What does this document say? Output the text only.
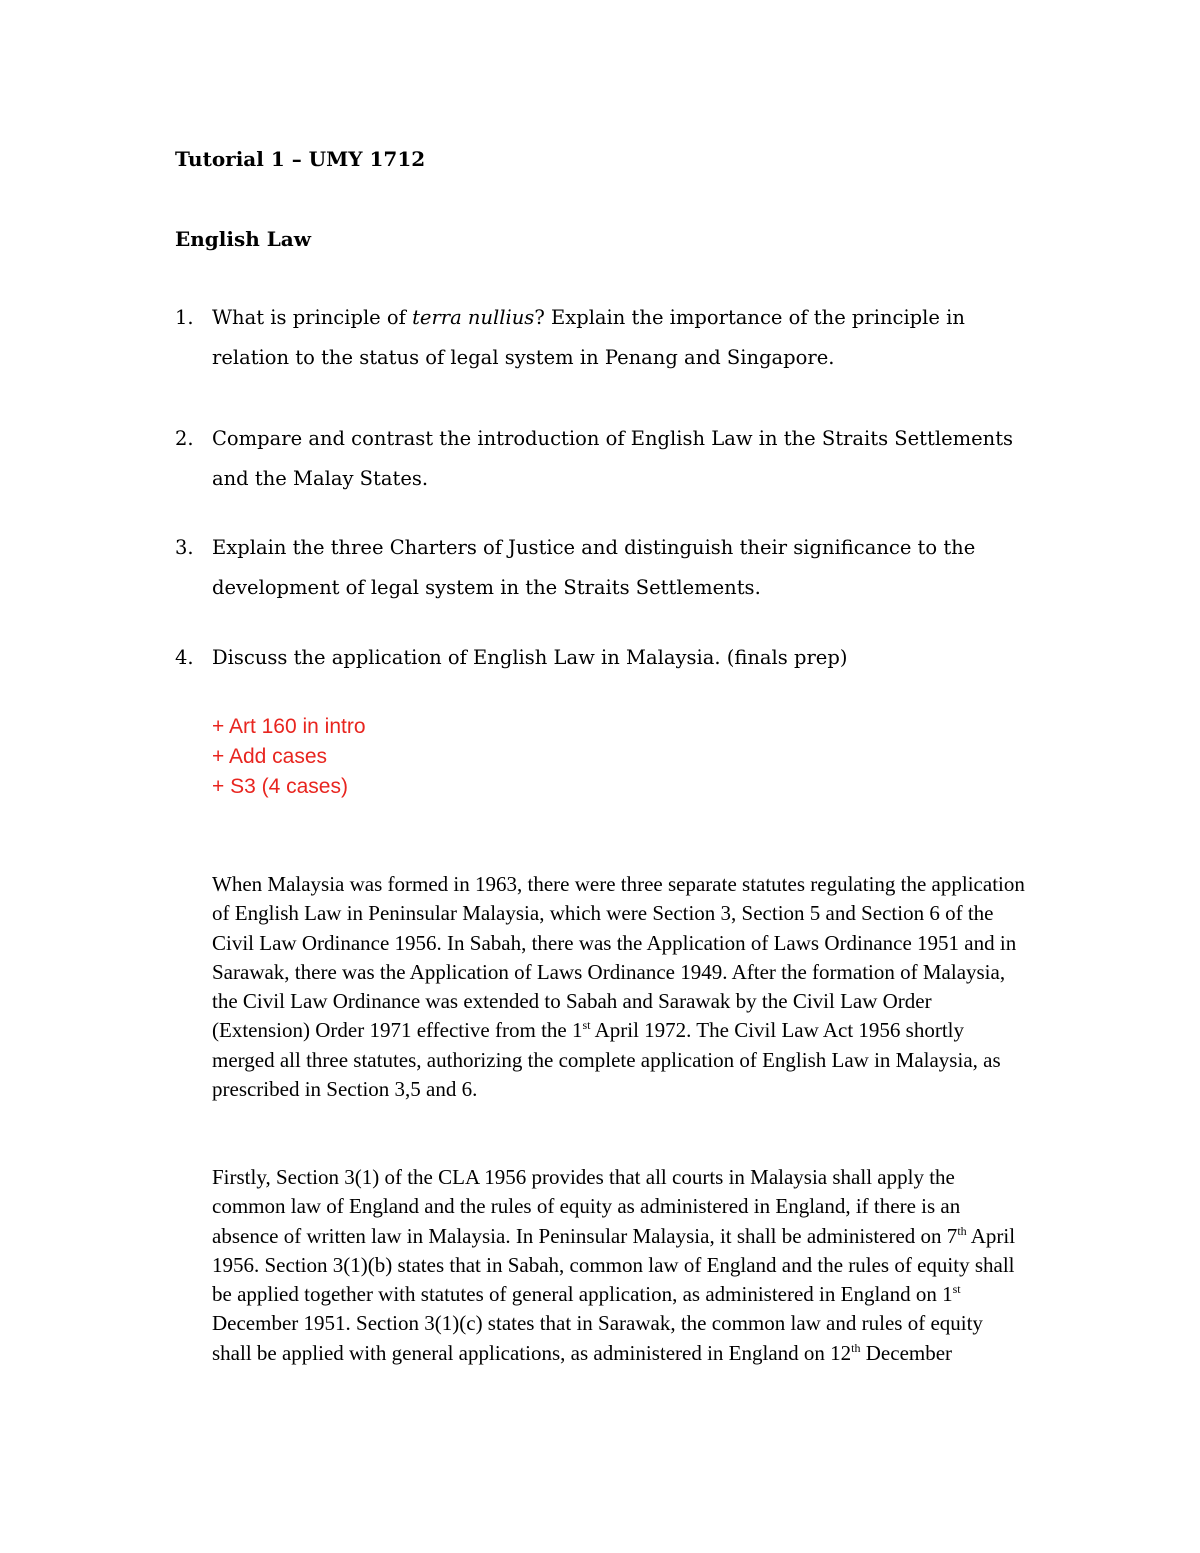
Tutorial 1 – UMY 1712
English Law
1. What is principle of terra nullius? Explain the importance of the principle in relation to the status of legal system in Penang and Singapore.
2. Compare and contrast the introduction of English Law in the Straits Settlements and the Malay States.
3. Explain the three Charters of Justice and distinguish their significance to the development of legal system in the Straits Settlements.
4. Discuss the application of English Law in Malaysia. (finals prep)
+ Art 160 in intro
+ Add cases
+ S3 (4 cases)

When Malaysia was formed in 1963, there were three separate statutes regulating the application of English Law in Peninsular Malaysia, which were Section 3, Section 5 and Section 6 of the Civil Law Ordinance 1956. In Sabah, there was the Application of Laws Ordinance 1951 and in Sarawak, there was the Application of Laws Ordinance 1949. After the formation of Malaysia, the Civil Law Ordinance was extended to Sabah and Sarawak by the Civil Law Order (Extension) Order 1971 effective from the 1st April 1972. The Civil Law Act 1956 shortly merged all three statutes, authorizing the complete application of English Law in Malaysia, as prescribed in Section 3,5 and 6.

Firstly, Section 3(1) of the CLA 1956 provides that all courts in Malaysia shall apply the common law of England and the rules of equity as administered in England, if there is an absence of written law in Malaysia. In Peninsular Malaysia, it shall be administered on 7th April 1956. Section 3(1)(b) states that in Sabah, common law of England and the rules of equity shall be applied together with statutes of general application, as administered in England on 1st December 1951. Section 3(1)(c) states that in Sarawak, the common law and rules of equity shall be applied with general applications, as administered in England on 12th December
